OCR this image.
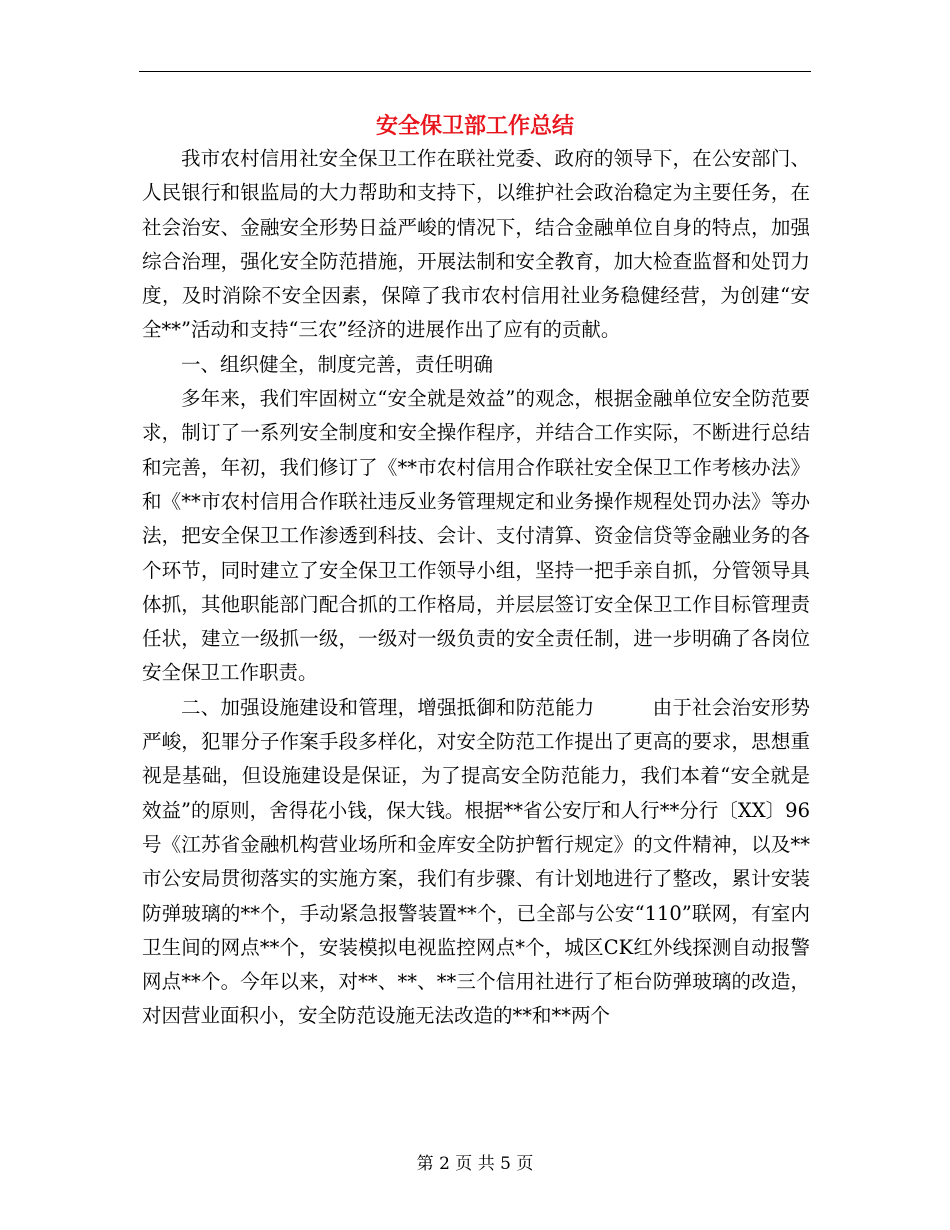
安全保卫部工作总结

我市农村信用社安全保卫工作在联社党委、政府的领导下，在公安部门、人民银行和银监局的大力帮助和支持下，以维护社会政治稳定为主要任务，在社会治安、金融安全形势日益严峻的情况下，结合金融单位自身的特点，加强综合治理，强化安全防范措施，开展法制和安全教育，加大检查监督和处罚力度，及时消除不安全因素，保障了我市农村信用社业务稳健经营，为创建“安全**”活动和支持“三农”经济的进展作出了应有的贡献。

一、组织健全，制度完善，责任明确

多年来，我们牢固树立“安全就是效益”的观念，根据金融单位安全防范要求，制订了一系列安全制度和安全操作程序，并结合工作实际，不断进行总结和完善，年初，我们修订了《**市农村信用合作联社安全保卫工作考核办法》和《**市农村信用合作联社违反业务管理规定和业务操作规程处罚办法》等办法，把安全保卫工作渗透到科技、会计、支付清算、资金信贷等金融业务的各个环节，同时建立了安全保卫工作领导小组，坚持一把手亲自抓，分管领导具体抓，其他职能部门配合抓的工作格局，并层层签订安全保卫工作目标管理责任状，建立一级抓一级，一级对一级负责的安全责任制，进一步明确了各岗位安全保卫工作职责。

二、加强设施建设和管理，增强抵御和防范能力	由于社会治安形势严峻，犯罪分子作案手段多样化，对安全防范工作提出了更高的要求，思想重视是基础，但设施建设是保证，为了提高安全防范能力，我们本着“安全就是效益”的原则，舍得花小钱，保大钱。根据**省公安厅和人行**分行〔XX〕96号《江苏省金融机构营业场所和金库安全防护暂行规定》的文件精神，以及**市公安局贯彻落实的实施方案，我们有步骤、有计划地进行了整改，累计安装防弹玻璃的**个，手动紧急报警装置**个，已全部与公安“110”联网，有室内卫生间的网点**个，安装模拟电视监控网点*个，城区CK红外线探测自动报警网点**个。今年以来，对**、**、**三个信用社进行了柜台防弹玻璃的改造，对因营业面积小，安全防范设施无法改造的**和**两个

第 2 页 共 5 页
